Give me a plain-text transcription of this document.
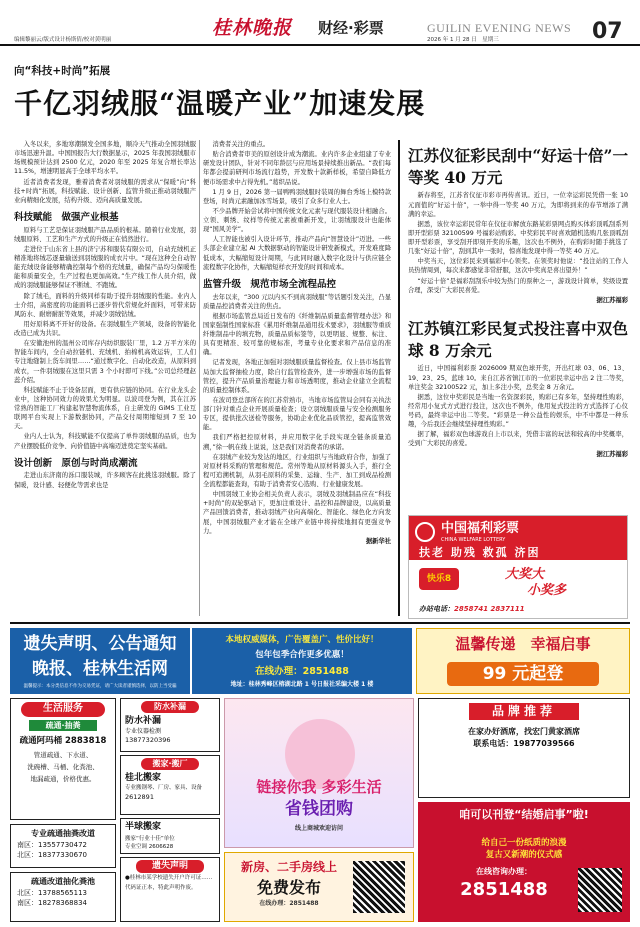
编辑黎丽云/版式设计杨斯倩/校对黄明丽
桂林晚报 财经·彩票	GUILIN EVENING NEWS
2026 年 1 月 28 日　星期三	07
向“科技+时尚”拓展
千亿羽绒服“温暖产业”加速发展

入冬以来，多地寒潮频发全国多地，顺冷天气推动全国羽绒服市场迅速升温。中国国报告大行数据显示，2025 年我国羽绒服市场规模预计达到 2500 亿元，2020 年至 2025 年复合增长率达 11.5%，增速明显高于全球平均水平。

近者消费者发现，雅着消费者对羽绒服的需求从“保暖”向“科技+时尚”拓展，科技赋能、设计创新、监管升级正推动羽绒服产业向精细化发展，结构升级、迈向高质量发展。

科技赋能　做强产业根基

原料与工艺是保证羽绒服产品品质的根基。随着行业发展，羽绒服原料、工艺和生产方式的升级正在悄然进行。

走进位于山东省上县的济宁苏和服装有限公司，自动充绒机正精准地将绒芯逐量输送到羽绒服的成衣片中。“现在这种全自动智能充绒设备能够精确控制每个格的充绒量，确保产品均匀保暖性能和质量安全，生产过程也更加高效。”生产线工作人员介绍，做成的羽绒服能够保证不断绒、不跑绒。

除了绒毛，面料的升级同样有助于提升羽绒服的性能。业内人士介绍，高密度的功能面料已逐步替代常规化纤面料，可带来防风防水、耐磨耐脏等效果，并减少羽绒钻绒。

用好原料离不开好的设备。在羽绒服生产领域，设备的智能化改造已成为共识。

在安徽池州的温州公司库存内纺织服装厂里，1.2 万平方米的智能车间内，全自动拉链机、充绒机、拍棉机高效运转，工人们专注地缝制上货车间里……“通过数字化、自动化改造，从原料到成衣，一件羽绒服在这里只需 3 个小时即可下线。”公司总经理赵蕊介绍。

科技赋能不止于设备层面，更有供应链的协同。在行业龙头企业中，这种协同效力的效果尤为明显。以波司登为例，其在江苏常熟的智能工厂构建起智慧物流体系，自主研发的 GiMS 工业互联网平台实现上下游数据协同，产品交付周期缩短到 7 至 10 天。

业内人士认为，科技赋能不仅提高了单件羽绒服的品质，也为产业摆脱低价竞争、向价值链中高端迈进奠定坚实基础。

设计创新　原创与时尚成潮流

走进山东济南的泺口服装城，许多顾客在此挑选羽绒服。除了保暖，设计感、轻便化等需求也是

消费者关注的重点。

贴合消费者审美的原创设计成为潮流。业内许多企业组建了专业研发设计团队，针对不同年龄层与应用场景持续推出新品。“我们每年都会提前研判市场流行趋势，开发数十款新样板，希望自降低方便市场需求中占得先机。”葛织品说。

1 月 9 日，2026 第一届鸭鸭羽绒服时装周的舞台秀场上模特款登场，时尚元素融加冰雪场景，吸引了众多行业人士。

不少品牌开始尝试将中国传统文化元素与现代服装设计相融合。立领、刺绣、纹样等传统元素被重新开发，让羽绒服设计也能体现“国风美学”。

人工智能也被引入设计环节，推动产品向“智慧设计”迈进。一些头部企业建立起 AI 大数据驱动的智能设计研发新模式，开发难度降低成本，大幅缩短设计周期，与此同时融入数字化设计与供应链全流程数字化协作，大幅缩短样衣开发的时间和成本。

监管升级　规范市场全流程品控

去年以来，“300 元以内买不到真羽绒服”等话题引发关注，凸显质量品控消费者关注的焦点。

根据市场监管总局近日发布的《纤维制品质量监督管理办法》和国家强制性国家标准《累用纤维制品通用技术要求》，羽绒服等重质纤维制品中的填充物，质量品质标签等，以更明显、规整、标注、具有更精准、较可靠的规标准，考量专业化要求和产品信息的准确。

记者发现，各地正加强对羽绒服质量监督检查。仅上县市场监管局加大监督抽检力度，除自行监管检查外，进一步增强市场的监督管控，提升产品质量治理能力和市场透明度，推动企业建立全流程的质量控制体系。

在波司登总部所在的江苏常熟市，当地市场监管局会同有关执法部门针对重点企业开展质量检查；设立羽绒服质量与安全检测服务专区，提供批次送检等服务，协助企业优化品质管控，提高监管效能。

我们严格把控原材料，并应用数字化手段实现全链条质量追溯，”徐一帆在线上说说，这是我们对消费者的承诺。

在羽绒产业较为发达的地区，行业组织与当地政府合作，加强了对原材料采购的管理和规范。常州等地从原材料源头入手，推行全程可追溯机制，从羽毛原料的采集、运输、生产、加工到成品检测全流程都能查询，有助于消费者安心选购、行业健康发展。

中国羽绒工业协会相关负责人表示，羽绒及羽绒制品应在“科技+时尚”的双轮驱动下，更加注重设计、品控和品牌建设，以高质量产品回馈消费者，推动羽绒产业向高端化、智能化、绿色化方向发展，中国羽绒服产业才能在全球产业链中将持续地拥有更强竞争力。

据新华社

江苏仪征彩民刮中“好运十倍”一等奖 40 万元

新春将至，江苏省仪征市彩市再传喜讯。近日，一位幸运彩民凭借一张 10 元面值的“好运十倍”，一举中得一等奖 40 万元，为即将到来的春节增添了满满的幸运。

据悉，该位幸运彩民常年在仪征市解放东路某彩票网点购买体彩顶呱刮系列即开型彩票 32100599 号福彩站购彩。中奖彩民平时喜欢随机选购几张顶呱刮即开型彩票，享受刮开即刻开奖的乐趣，这次也不例外，在购彩时随手挑选了几张“好运十倍”，刮到其中一张时，惊喜地发现中得一等奖 40 万元。

中奖当天，这位彩民来到福彩中心领奖。在领奖时他说：“投注站的工作人员热情周到，每次来都感觉非常舒服，这次中奖真是喜出望外！”

“好运十倍”是福彩刮刮乐中较为热门的票种之一，游戏设计简单，奖级设置合理，深受广大彩民喜爱。

据江苏福彩

江苏镇江彩民复式投注喜中双色球 8 万余元

近日，中国福利彩票 2026009 期双色球开奖，开出红球 03、06、13、19、23、25，蓝球 10。来自江苏省镇江市的一位彩民幸运中出 2 注二等奖，单注奖金 32100522 元，加上多注小奖，总奖金 8 万余元。

据悉，这位中奖彩民是当地一名资深彩民，购彩已有多年，坚持理性购彩，经常用小复式方式进行投注，这次也不例外，他用复式投注的方式选择了心仪号码，最终幸运中出二等奖。“彩票是一种公益性的娱乐，中不中都是一种乐趣，今后我还会继续坚持理性购彩。”

据了解，福彩双色球游戏自上市以来，凭借丰富的玩法和较高的中奖概率，受到广大彩民的喜爱。

据江苏福彩

中国福利彩票
CHINA WELFARE LOTTERY
扶老 助残 救孤 济困
快乐8	大奖大
小奖多
办站电话：2858741 2837111
遗失声明、公告通知
晚报、桂林生活网
温馨提示：本分类信息不作为交易凭证，请广大读者谨慎选择，以防上当受骗
本地权威媒体，广告覆盖广、性价比好！
包年包季合作更多优惠！
在线办理：2851488
地址：桂林秀峰区榕湖北路 1 号日报社采编大楼 1 楼
温馨传递　幸福启事
99 元起登
生活服务
疏通·抽粪
疏通阿玛桶 2883818
管道疏通、下水道、
洗碗槽、马桶、化粪池、
地漏疏通，价格优惠。
专业疏通抽粪改道
南区：13557730472
北区：18377330670
疏通改道抽化粪池
北区：13788565113
南区：18278368834
防水补漏
防水补漏
专业仪器检测
13877320396
搬家·搬厂
桂北搬家
专业搬钢琴、厂房、家具、设备
2612891
半球搬家
搬家“行业十佳”单位
专业空调 2606628
遗失声明
●桂林市某学校遗失开户许可证……
代码证正本，特此声明作废。
链接你我 多彩生活
省钱团购
线上商城欢迎访问
新房、二手房线上
免费发布
在线办理：2851488
品牌推荐
在家办好酒席，找宏门黄家酒席
联系电话：19877039566
咱可以刊登“结婚启事”啦!
给自己一份纸质的浪漫
复古又新潮的仪式感
在线咨询办理：
2851488
